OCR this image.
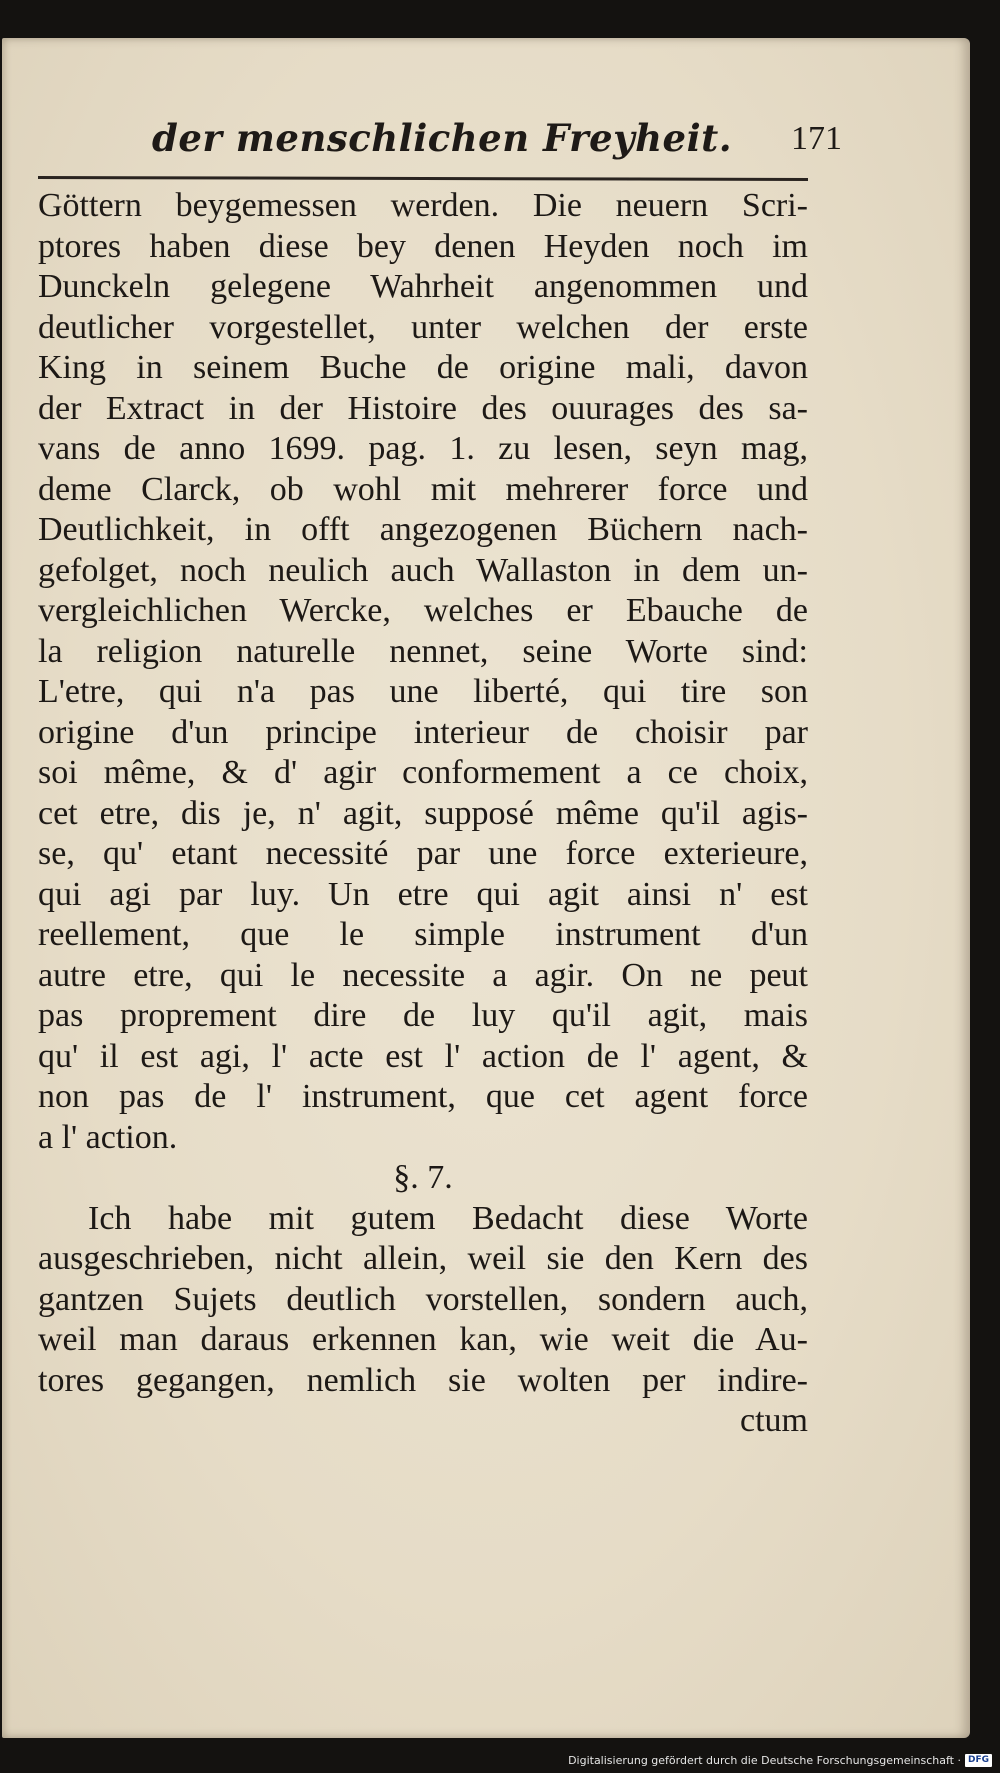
der menschlichen Freyheit. 171
Göttern beygemessen werden. Die neuern Scri-
ptores haben diese bey denen Heyden noch im
Dunckeln gelegene Wahrheit angenommen und
deutlicher vorgestellet, unter welchen der erste
King in seinem Buche de origine mali, davon
der Extract in der Histoire des ouurages des sa-
vans de anno 1699. pag. 1. zu lesen, seyn mag,
deme Clarck, ob wohl mit mehrerer force und
Deutlichkeit, in offt angezogenen Büchern nach-
gefolget, noch neulich auch Wallaston in dem un-
vergleichlichen Wercke, welches er Ebauche de
la religion naturelle nennet, seine Worte sind:
L'etre, qui n'a pas une liberté, qui tire son
origine d'un principe interieur de choisir par
soi même, & d' agir conformement a ce choix,
cet etre, dis je, n' agit, supposé même qu'il agis-
se, qu' etant necessité par une force exterieure,
qui agi par luy. Un etre qui agit ainsi n' est
reellement, que le simple instrument d'un
autre etre, qui le necessite a agir. On ne peut
pas proprement dire de luy qu'il agit, mais
qu' il est agi, l' acte est l' action de l' agent, &
non pas de l' instrument, que cet agent force
a l' action.
§. 7.
Ich habe mit gutem Bedacht diese Worte
ausgeschrieben, nicht allein, weil sie den Kern des
gantzen Sujets deutlich vorstellen, sondern auch,
weil man daraus erkennen kan, wie weit die Au-
tores gegangen, nemlich sie wolten per indire-
ctum
Digitalisierung gefördert durch die Deutsche Forschungsgemeinschaft · DFG
